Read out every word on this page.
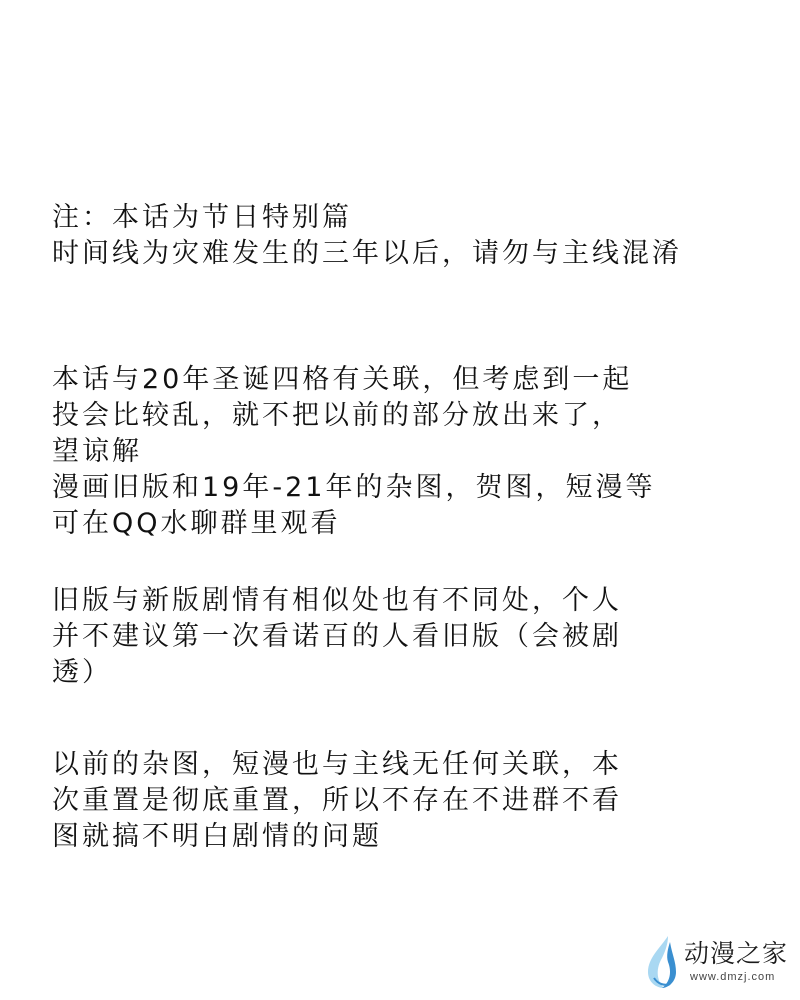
注：本话为节日特别篇
时间线为灾难发生的三年以后，请勿与主线混淆
本话与20年圣诞四格有关联，但考虑到一起
投会比较乱，就不把以前的部分放出来了，
望谅解
漫画旧版和19年-21年的杂图，贺图，短漫等
可在QQ水聊群里观看
旧版与新版剧情有相似处也有不同处，个人
并不建议第一次看诺百的人看旧版（会被剧
透）
以前的杂图，短漫也与主线无任何关联，本
次重置是彻底重置，所以不存在不进群不看
图就搞不明白剧情的问题
动漫之家
www.dmzj.com
